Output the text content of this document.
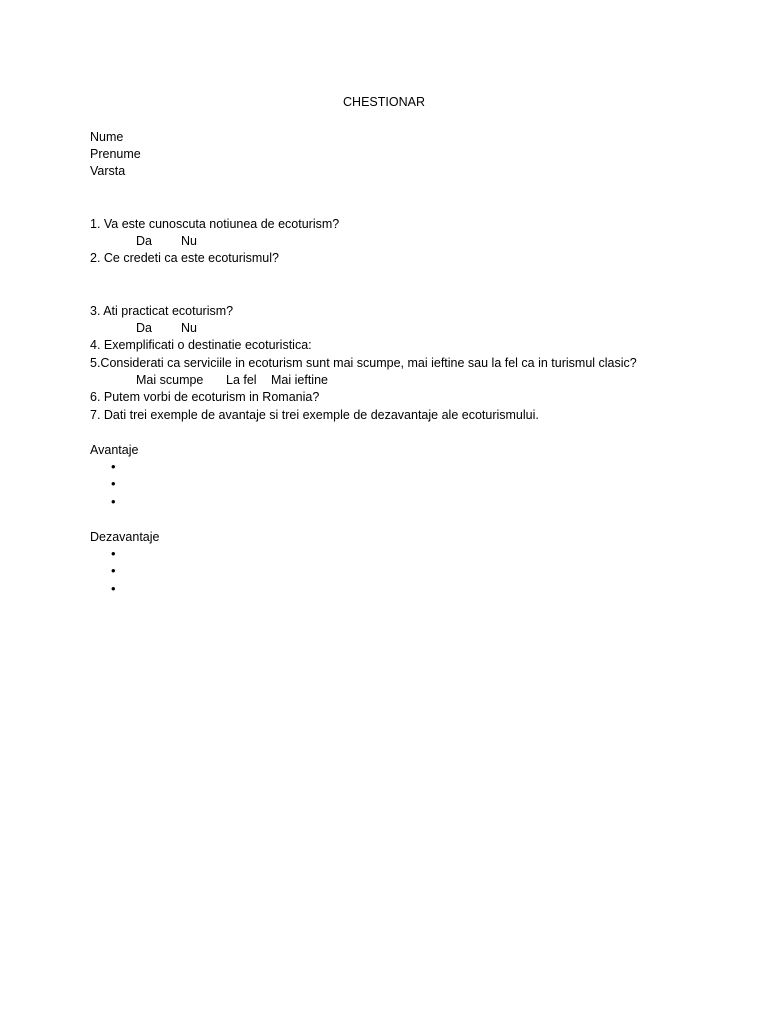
CHESTIONAR
Nume
Prenume
Varsta
1. Va este cunoscuta notiunea de ecoturism?
Da Nu
2. Ce credeti ca este ecoturismul?
3. Ati practicat ecoturism?
Da Nu
4. Exemplificati o destinatie ecoturistica:
5.Considerati ca serviciile in ecoturism sunt mai scumpe, mai ieftine sau la fel ca in turismul clasic?
Mai scumpe La fel Mai ieftine
6. Putem vorbi de ecoturism in Romania?
7. Dati trei exemple de avantaje si trei exemple de dezavantaje ale ecoturismului.
Avantaje
•
•
•
Dezavantaje
•
•
•
